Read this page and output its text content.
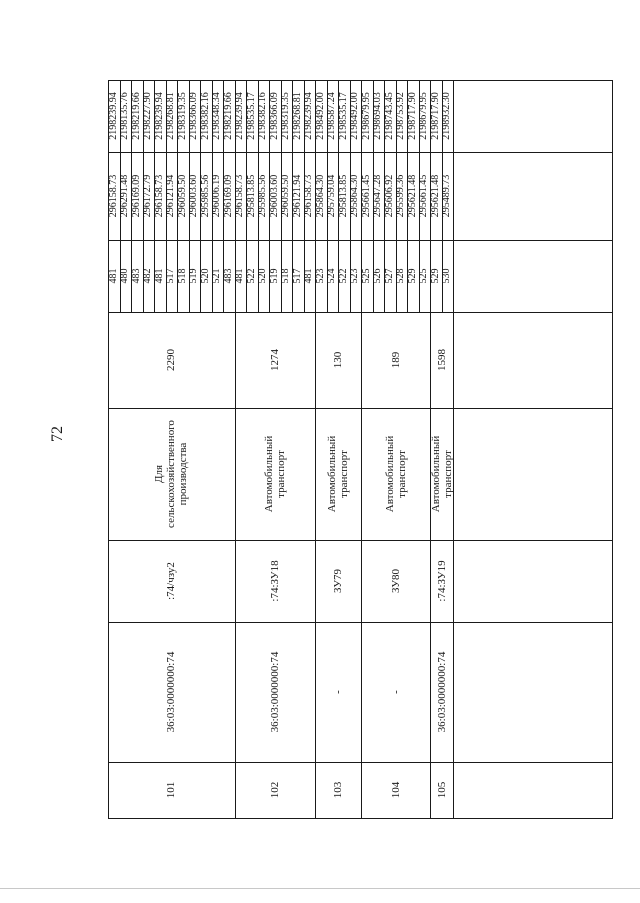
72
2198239.94
296158.73
481
2198135.76
296291.48
480
2198219.66
296169.09
483
2198227.90
296172.79
482
2198239.94
296158.73
481
2198268.81
296121.94
517
2198319.35
296059.50
518
2198366.09
296003.60
519
2198382.16
295985.56
520
2198348.34
296006.19
521
2198219.66
296169.09
483
2290
Для сельскохозяйственного производства
:74/чзу2
36:03:0000000:74
101
2198239.94
296158.73
481
2198535.17
295813.85
522
2198382.16
295985.56
520
2198366.09
296003.60
519
2198319.35
296059.50
518
2198268.81
296121.94
517
2198239.94
296158.73
481
1274
Автомобильный транспорт
:74:ЗУ18
36:03:0000000:74
102
2198492.00
295864.30
523
2198587.24
295759.04
524
2198535.17
295813.85
522
2198492.00
295864.30
523
130
Автомобильный транспорт
ЗУ79
-
103
2198679.95
295661.45
525
2198694.03
295647.28
526
2198743.45
295606.92
527
2198753.92
295599.36
528
2198717.90
295621.48
529
2198679.95
295661.45
525
189
Автомобильный транспорт
ЗУ80
-
104
2198717.90
295621.48
529
2198932.30
295489.73
530
1598
Автомобильный транспорт
:74:ЗУ19
36:03:0000000:74
105
